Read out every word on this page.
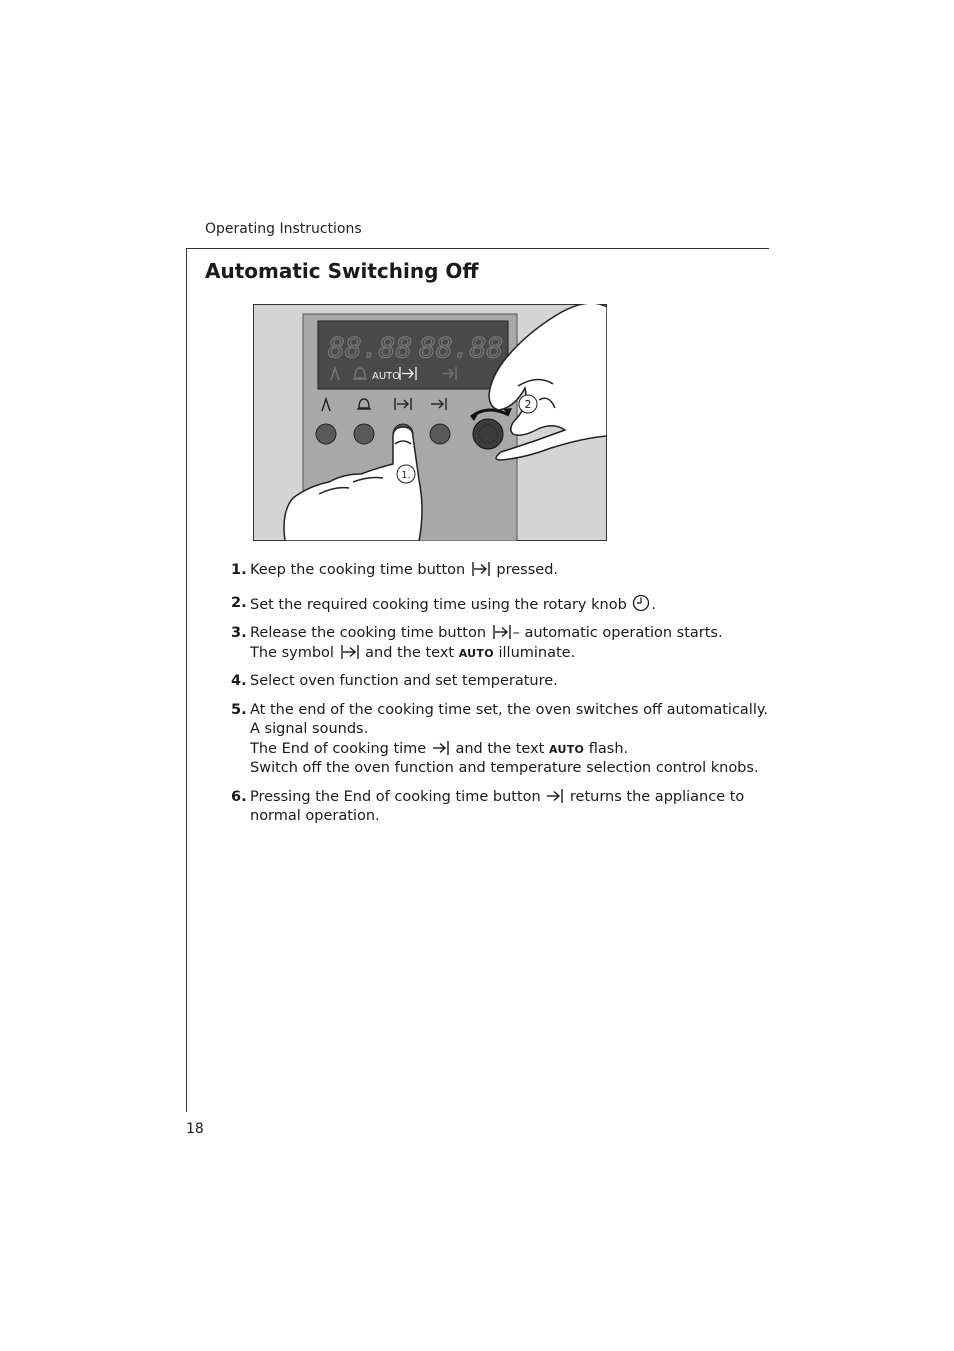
Operating Instructions
Automatic Switching Off
88.88 88.88
AUTO
1.
2
1. Keep the cooking time button pressed.
2. Set the required cooking time using the rotary knob .
3. Release the cooking time button – automatic operation starts.
The symbol and the text AUTO illuminate.
4. Select oven function and set temperature.
5. At the end of the cooking time set, the oven switches off automatically.
A signal sounds.
The End of cooking time and the text AUTO flash.
Switch off the oven function and temperature selection control knobs.
6. Pressing the End of cooking time button returns the appliance to
normal operation.
18
